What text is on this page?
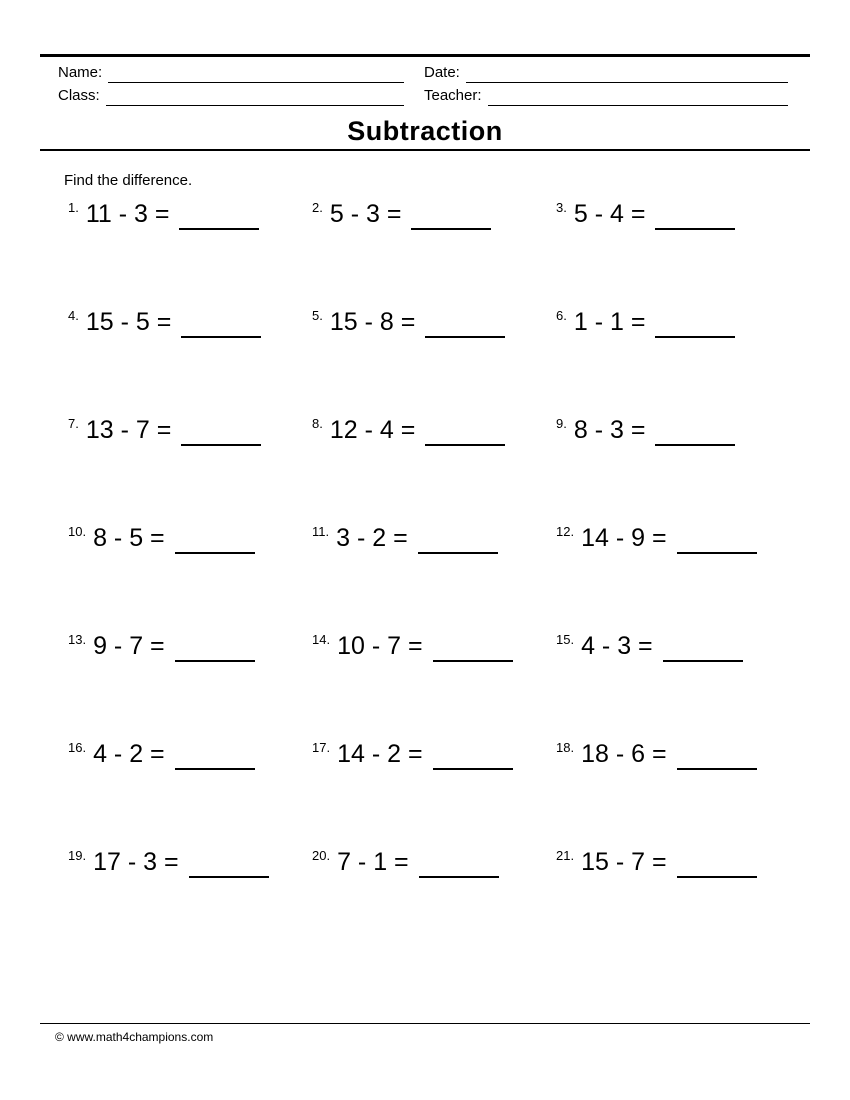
Name:	Date:
Class:	Teacher:
Subtraction
Find the difference.
$^{1.}$ 11 - 3 =	$^{2.}$ 5 - 3 =	$^{3.}$ 5 - 4 =
$^{4.}$ 15 - 5 =	$^{5.}$ 15 - 8 =	$^{6.}$ 1 - 1 =
$^{7.}$ 13 - 7 =	$^{8.}$ 12 - 4 =	$^{9.}$ 8 - 3 =
$^{10.}$ 8 - 5 =	$^{11.}$ 3 - 2 =	$^{12.}$ 14 - 9 =
$^{13.}$ 9 - 7 =	$^{14.}$ 10 - 7 =	$^{15.}$ 4 - 3 =
$^{16.}$ 4 - 2 =	$^{17.}$ 14 - 2 =	$^{18.}$ 18 - 6 =
$^{19.}$ 17 - 3 =	$^{20.}$ 7 - 1 =	$^{21.}$ 15 - 7 =
© www.math4champions.com
